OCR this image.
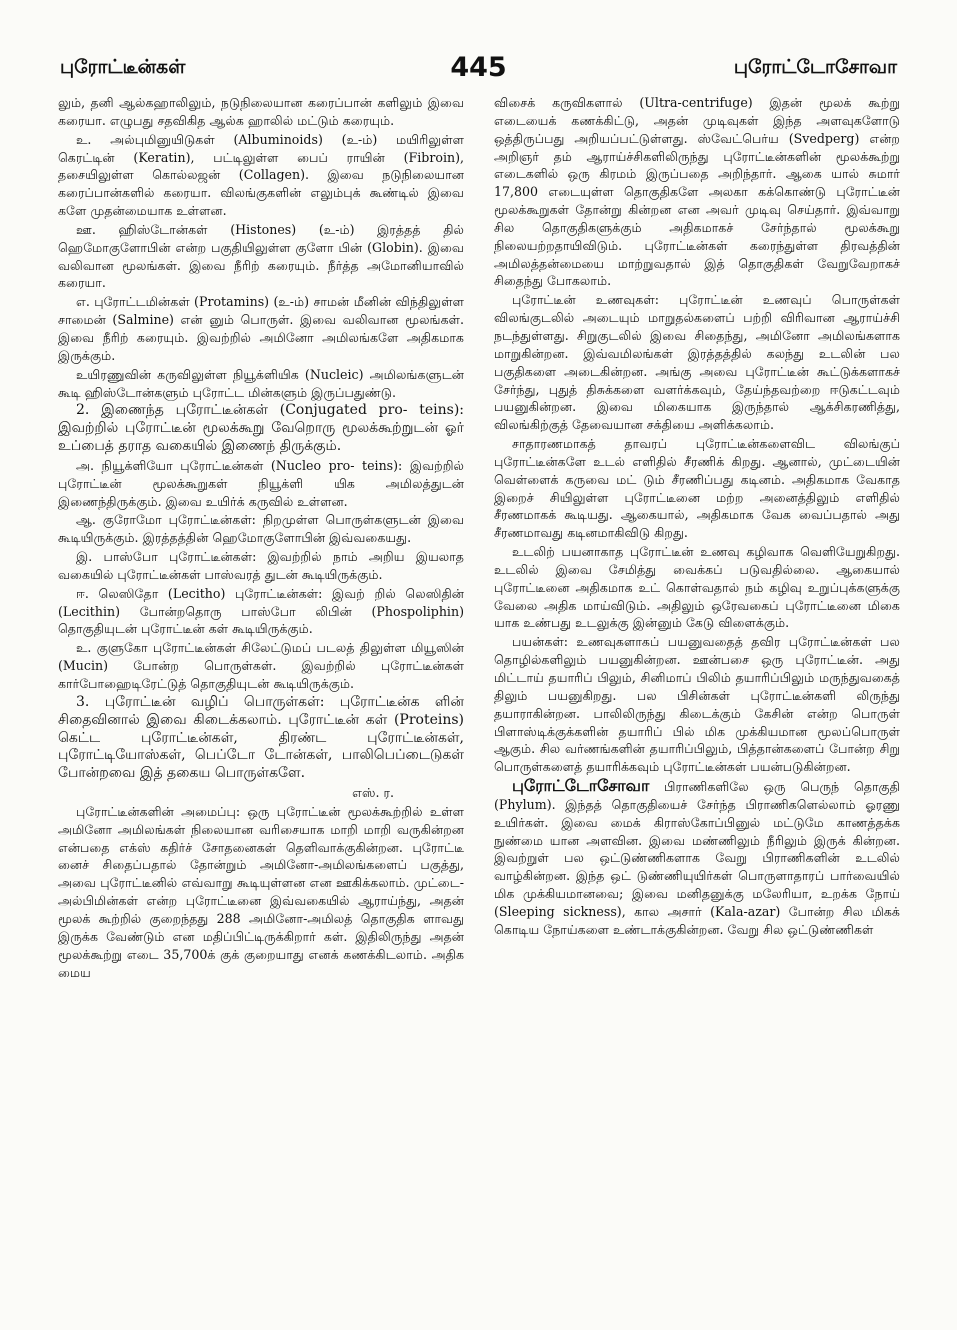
புரோட்டீன்கள்	445	புரோட்டோசோவா

லும், தனி ஆல்கஹாலிலும், நடுநிலையான கரைப்பான் களிலும் இவை கரையா. எழுபது சதவிகித ஆல்க ஹாலில் மட்டும் கரையும்.

உ. அல்புமினுயிடுகள் (Albuminoids) (உ-ம்) மயிரிலுள்ள கெரட்டின் (Keratin), பட்டிலுள்ள பைப் ராயின் (Fibroin), தசையிலுள்ள கொல்லஜன் (Collagen). இவை நடுநிலையான கரைப்பான்களில் கரையா. விலங்குகளின் எலும்புக் கூண்டில் இவை களே முதன்மையாக உள்ளன.

ஊ. ஹிஸ்டோன்கள் (Histones) (உ-ம்) இரத்தத் தில் ஹெமோகுளோபின் என்ற பகுதியிலுள்ள குளோ பின் (Globin). இவை வலிவான மூலங்கள். இவை நீரிற் கரையும். நீர்த்த அமோனியாவில் கரையா.

எ. புரோட்டமின்கள் (Protamins) (உ-ம்) சாமன் மீனின் விந்திலுள்ள சாமைன் (Salmine) என் னும் பொருள். இவை வலிவான மூலங்கள். இவை நீரிற் கரையும். இவற்றில் அமினோ அமிலங்களே அதிகமாக இருக்கும்.

உயிரணுவின் கருவிலுள்ள நியூக்ளியிக (Nucleic) அமிலங்களுடன் கூடி ஹிஸ்டோன்களும் புரோட்ட மின்களும் இருப்பதுண்டு.

2. இணைந்த புரோட்டீன்கள் (Conjugated pro- teins): இவற்றில் புரோட்டீன் மூலக்கூறு வேறொரு மூலக்கூற்றுடன் ஓர் உப்பைத் தராத வகையில் இணைந் திருக்கும்.

அ. நியூக்ளியோ புரோட்டீன்கள் (Nucleo pro- teins): இவற்றில் புரோட்டீன் மூலக்கூறுகள் நியூக்ளி யிக அமிலத்துடன் இணைந்திருக்கும். இவை உயிர்க் கருவில் உள்ளன.

ஆ. குரோமோ புரோட்டீன்கள்: நிறமுள்ள பொருள்களுடன் இவை கூடியிருக்கும். இரத்தத்தின் ஹெமோகுளோபின் இவ்வகையது.

இ. பாஸ்போ புரோட்டீன்கள்: இவற்றில் நாம் அறிய இயலாத வகையில் புரோட்டீன்கள் பாஸ்வரத் துடன் கூடியிருக்கும்.

ஈ. லெஸிதோ (Lecitho) புரோட்டீன்கள்: இவற் றில் லெஸிதின் (Lecithin) போன்றதொரு பாஸ்போ லிபின் (Phospoliphin) தொகுதியுடன் புரோட்டீன் கள் கூடியிருக்கும்.

உ. குளுகோ புரோட்டீன்கள் சிலேட்டுமப் படலத் திலுள்ள மியூஸின் (Mucin) போன்ற பொருள்கள். இவற்றில் புரோட்டீன்கள் கார்போஹைடிரேட்டுத் தொகுதியுடன் கூடியிருக்கும்.

3. புரோட்டீன் வழிப் பொருள்கள்: புரோட்டீன்க ளின் சிதைவினால் இவை கிடைக்கலாம். புரோட்டீன் கள் (Proteins) கெட்ட புரோட்டீன்கள், திரண்ட புரோட்டீன்கள், புரோட்டியோஸ்கள், பெப்டோ டோன்கள், பாலிபெப்டைடுகள் போன்றவை இத் தகைய பொருள்களே.

எஸ். ர.

புரோட்டீன்களின் அமைப்பு: ஒரு புரோட்டீன் மூலக்கூற்றில் உள்ள அமினோ அமிலங்கள் நிலையான வரிசையாக மாறி மாறி வருகின்றன என்பதை எக்ஸ் கதிர்ச் சோதனைகள் தெளிவாக்குகின்றன. புரோட்டீ னைச் சிதைப்பதால் தோன்றும் அமினோ-அமிலங்களைப் பகுத்து, அவை புரோட்டீனில் எவ்வாறு கூடியுள்ளன என ஊகிக்கலாம். முட்டை-அல்பிமின்கள் என்ற புரோட்டீனை இவ்வகையில் ஆராய்ந்து, அதன் மூலக் கூற்றில் குறைந்தது 288 அமினோ-அமிலத் தொகுதிக ளாவது இருக்க வேண்டும் என மதிப்பிட்டிருக்கிறார் கள். இதிலிருந்து அதன் மூலக்கூற்று எடை 35,700க் குக் குறையாது எனக் கணக்கிடலாம். அதிக மைய

விசைக் கருவிகளால் (Ultra-centrifuge) இதன் மூலக் கூற்று எடையைக் கணக்கிட்டு, அதன் முடிவுகள் இந்த அளவுகளோடு ஒத்திருப்பது அறியப்பட்டுள்ளது. ஸ்வேட்பெர்ய (Svedperg) என்ற அறிஞர் தம் ஆராய்ச்சிகளிலிருந்து புரோட்டீன்களின் மூலக்கூற்று எடைகளில் ஒரு கிரமம் இருப்பதை அறிந்தார். ஆகை யால் சுமார் 17,800 எடையுள்ள தொகுதிகளே அலகா கக்கொண்டு புரோட்டீன் மூலக்கூறுகள் தோன்று கின்றன என அவர் முடிவு செய்தார். இவ்வாறு சில தொகுதிகளுக்கும் அதிகமாகச் சேர்ந்தால் மூலக்கூறு நிலையற்றதாயிவிடும். புரோட்டீன்கள் கரைந்துள்ள திரவத்தின் அமிலத்தன்மையை மாற்றுவதால் இத் தொகுதிகள் வேறுவேறாகச் சிதைந்து போகலாம்.

புரோட்டீன் உணவுகள்: புரோட்டீன் உணவுப் பொருள்கள் விலங்குடலில் அடையும் மாறுதல்களைப் பற்றி விரிவான ஆராய்ச்சி நடந்துள்ளது. சிறுகுடலில் இவை சிதைந்து, அமினோ அமிலங்களாக மாறுகின்றன. இவ்வமிலங்கள் இரத்தத்தில் கலந்து உடலின் பல பகுதிகளை அடைகின்றன. அங்கு அவை புரோட்டீன் கூட்டுக்களாகச் சேர்ந்து, புதுத் திசுக்களை வளர்க்கவும், தேய்ந்தவற்றை ஈடுகட்டவும் பயனுகின்றன. இவை மிகையாக இருந்தால் ஆக்சிகரணித்து, விலங்கிற்குத் தேவையான சக்தியை அளிக்கலாம்.

சாதாரணமாகத் தாவரப் புரோட்டீன்களைவிட விலங்குப் புரோட்டீன்களே உடல் எளிதில் சீரணிக் கிறது. ஆனால், முட்டையின் வெள்ளைக் கருவை மட் டும் சீரணிப்பது கடினம். அதிகமாக வேகாத இறைச் சியிலுள்ள புரோட்டீனை மற்ற அனைத்திலும் எளிதில் சீரணமாகக் கூடியது. ஆகையால், அதிகமாக வேக வைப்பதால் அது சீரணமாவது கடினமாகிவிடு கிறது.

உடலிற் பயனாகாத புரோட்டீன் உணவு கழிவாக வெளியேறுகிறது. உடலில் இவை சேமித்து வைக்கப் படுவதில்லை. ஆகையால் புரோட்டீனை அதிகமாக உட் கொள்வதால் நம் கழிவு உறுப்புக்களுக்கு வேலை அதிக மாய்விடும். அதிலும் ஒரேவகைப் புரோட்டீனை மிகை யாக உண்பது உடலுக்கு இன்னும் கேடு விளைக்கும்.

பயன்கள்: உணவுகளாகப் பயனுவதைத் தவிர புரோட்டீன்கள் பல தொழில்களிலும் பயனுகின்றன. ஊன்பசை ஒரு புரோட்டீன். அது மிட்டாய் தயாரிப் பிலும், சினிமாப் பிலிம் தயாரிப்பிலும் மருந்துவகைத் திலும் பயனுகிறது. பல பிசின்கள் புரோட்டீன்களி லிருந்து தயாராகின்றன. பாலிலிருந்து கிடைக்கும் கேசின் என்ற பொருள் பிளாஸ்டிக்குக்களின் தயாரிப் பில் மிக முக்கியமான மூலப்பொருள் ஆகும். சில வர்ணங்களின் தயாரிப்பிலும், பித்தான்களைப் போன்ற சிறு பொருள்களைத் தயாரிக்கவும் புரோட்டீன்கள் பயன்படுகின்றன.

புரோட்டோசோவா பிராணிகளிலே ஒரு பெருந் தொகுதி (Phylum). இந்தத் தொகுதியைச் சேர்ந்த பிராணிகளெல்லாம் ஓரணு உயிர்கள். இவை மைக் கிராஸ்கோப்பினுல் மட்டுமே காணத்தக்க நுண்மை யான அளவின. இவை மண்ணிலும் நீரிலும் இருக் கின்றன. இவற்றுள் பல ஒட்டுண்ணிகளாக வேறு பிராணிகளின் உடலில் வாழ்கின்றன. இந்த ஒட் டுண்ணியுயிர்கள் பொருளாதாரப் பார்வையில் மிக முக்கியமானவை; இவை மனிதனுக்கு மலேரியா, உறக்க நோய் (Sleeping sickness), கால அசார் (Kala-azar) போன்ற சில மிகக் கொடிய நோய்களை உண்டாக்குகின்றன. வேறு சில ஒட்டுண்ணிகள்
